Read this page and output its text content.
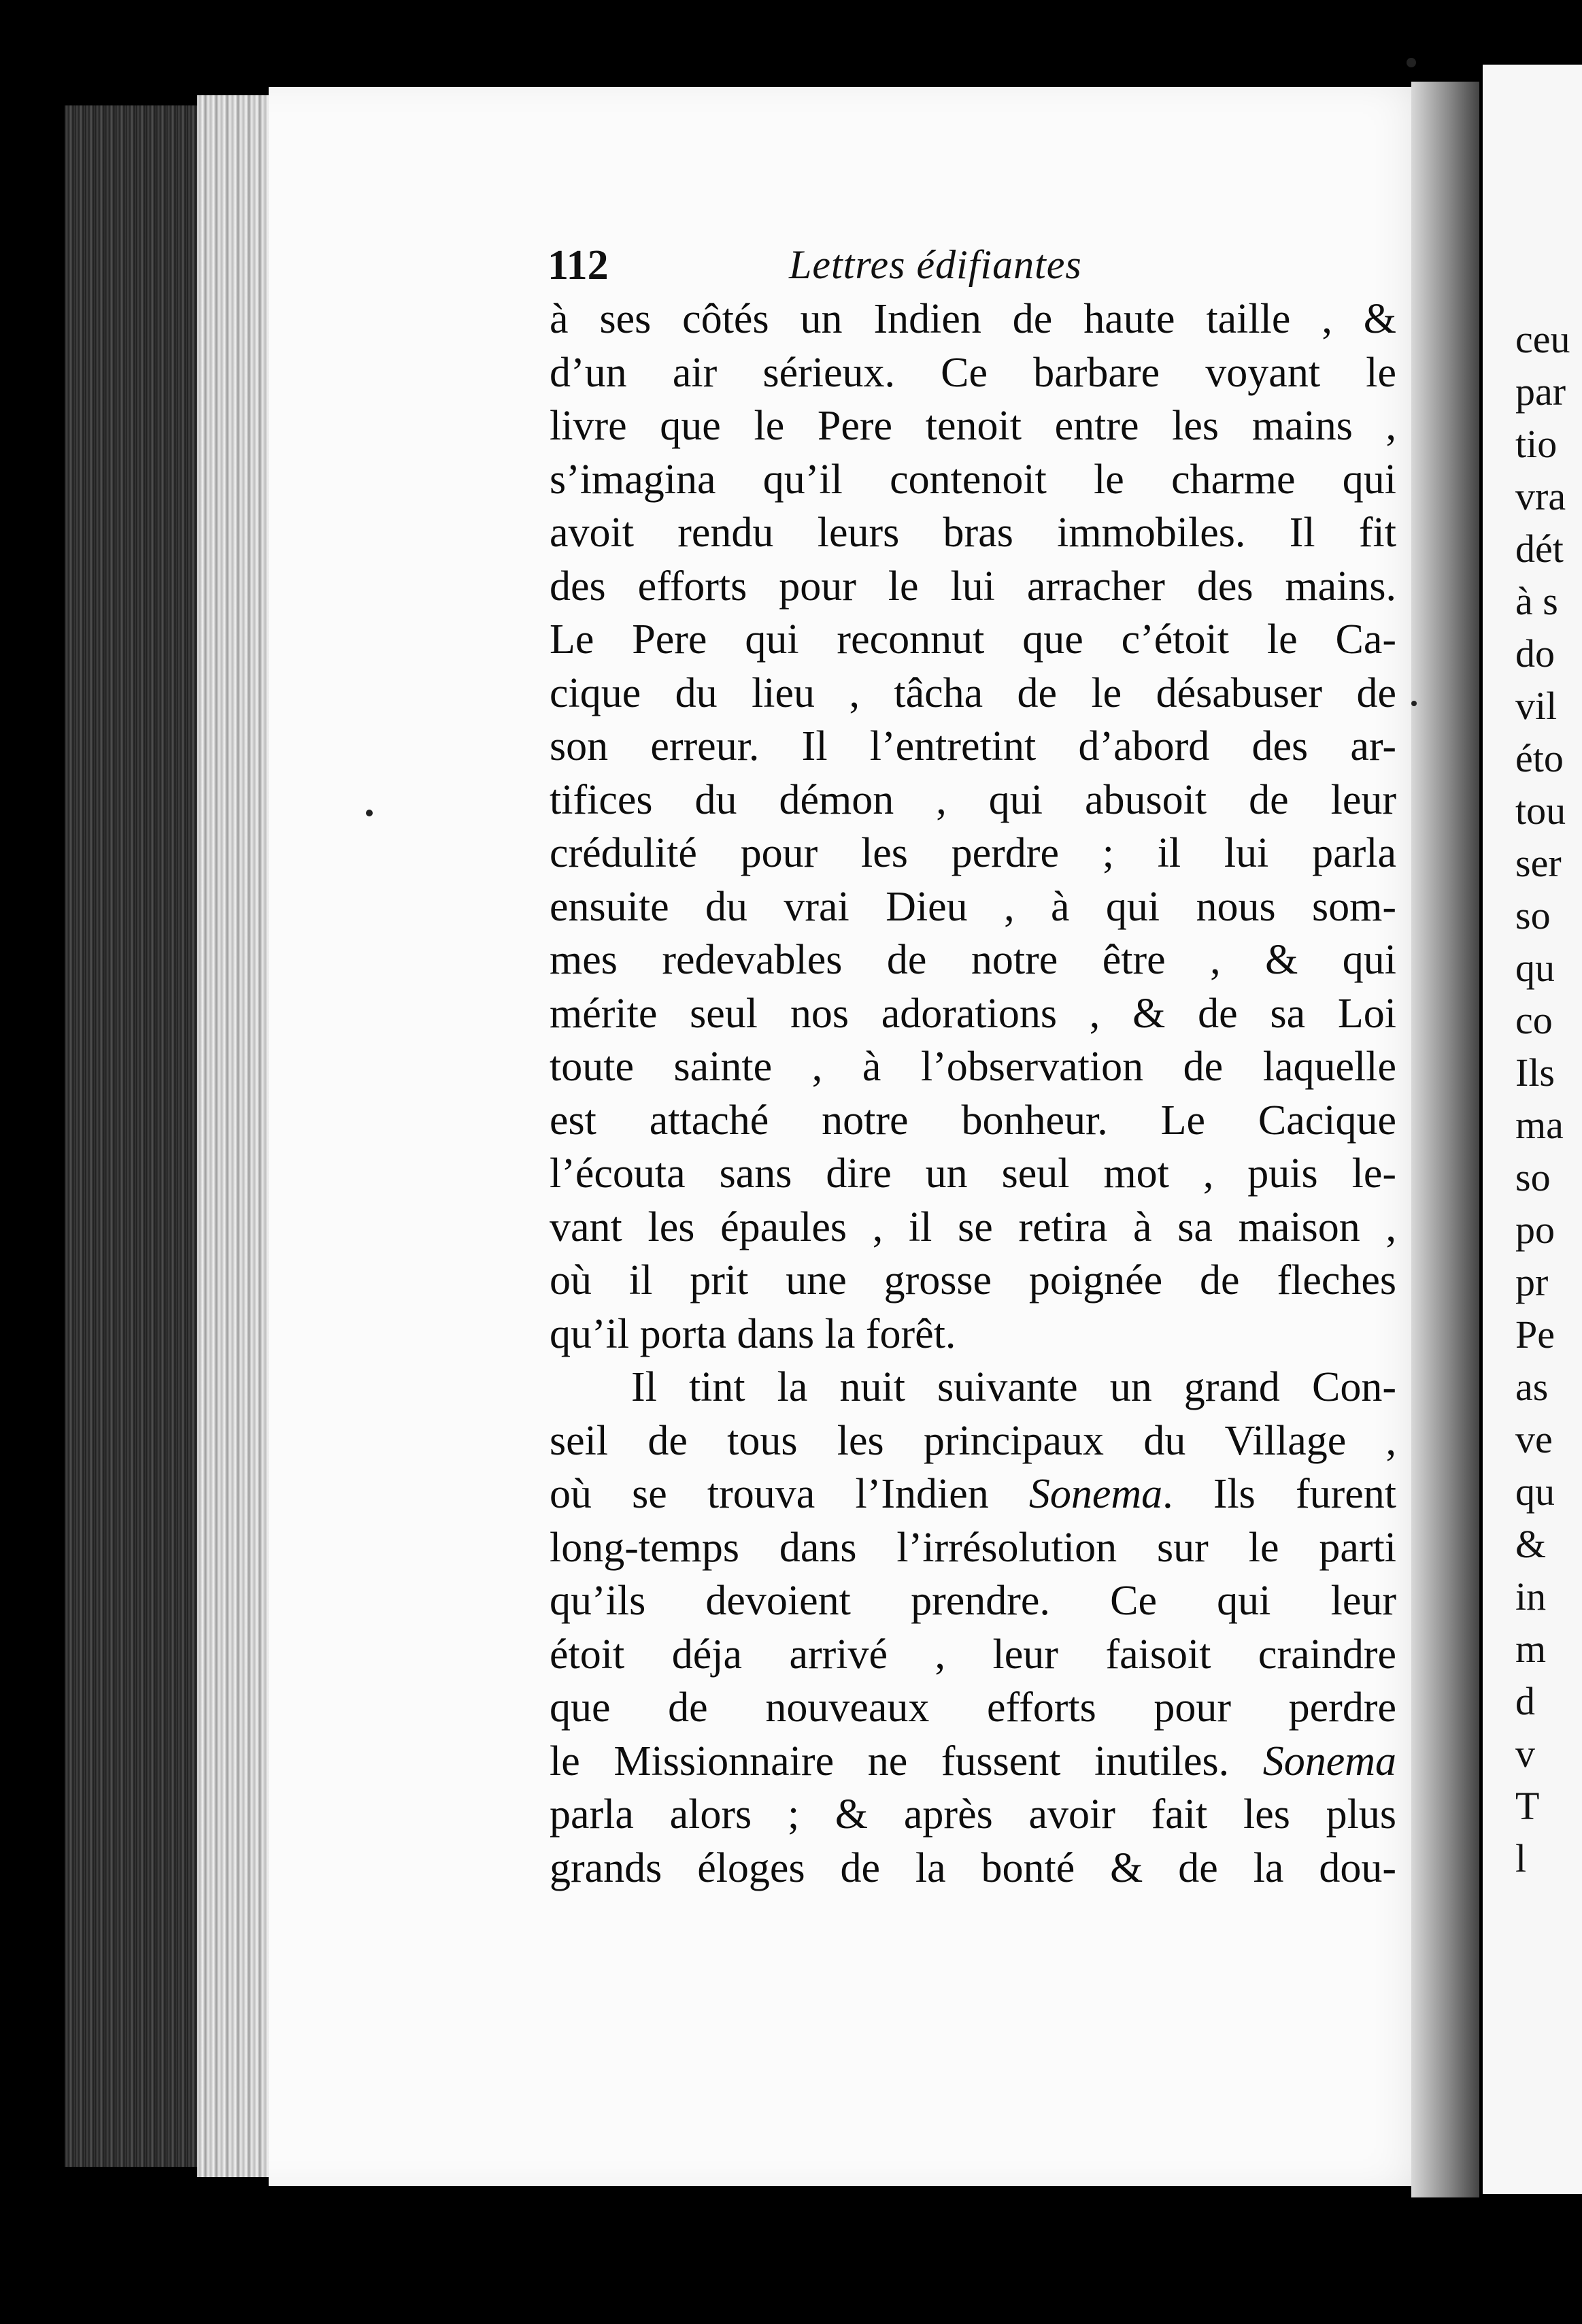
112	Lettres édifiantes
à ses côtés un Indien de haute taille , &
d’un air sérieux. Ce barbare voyant le
livre que le Pere tenoit entre les mains ,
s’imagina qu’il contenoit le charme qui
avoit rendu leurs bras immobiles. Il fit
des efforts pour le lui arracher des mains.
Le Pere qui reconnut que c’étoit le Ca-
cique du lieu , tâcha de le désabuser de
son erreur. Il l’entretint d’abord des ar-
tifices du démon , qui abusoit de leur
crédulité pour les perdre ; il lui parla
ensuite du vrai Dieu , à qui nous som-
mes redevables de notre être , & qui
mérite seul nos adorations , & de sa Loi
toute sainte , à l’observation de laquelle
est attaché notre bonheur. Le Cacique
l’écouta sans dire un seul mot , puis le-
vant les épaules , il se retira à sa maison ,
où il prit une grosse poignée de fleches
qu’il porta dans la forêt.
Il tint la nuit suivante un grand Con-
seil de tous les principaux du Village ,
où se trouva l’Indien Sonema. Ils furent
long-temps dans l’irrésolution sur le parti
qu’ils devoient prendre. Ce qui leur
étoit déja arrivé , leur faisoit craindre
que de nouveaux efforts pour perdre
le Missionnaire ne fussent inutiles. Sonema
parla alors ; & après avoir fait les plus
grands éloges de la bonté & de la dou-
ceu
par
tio
vra
dét
à s
do
vil
éto
tou
ser
so
qu
co
Ils
ma
so
po
pr
Pe
as
ve
qu
&
in
m
d
v
T
l
